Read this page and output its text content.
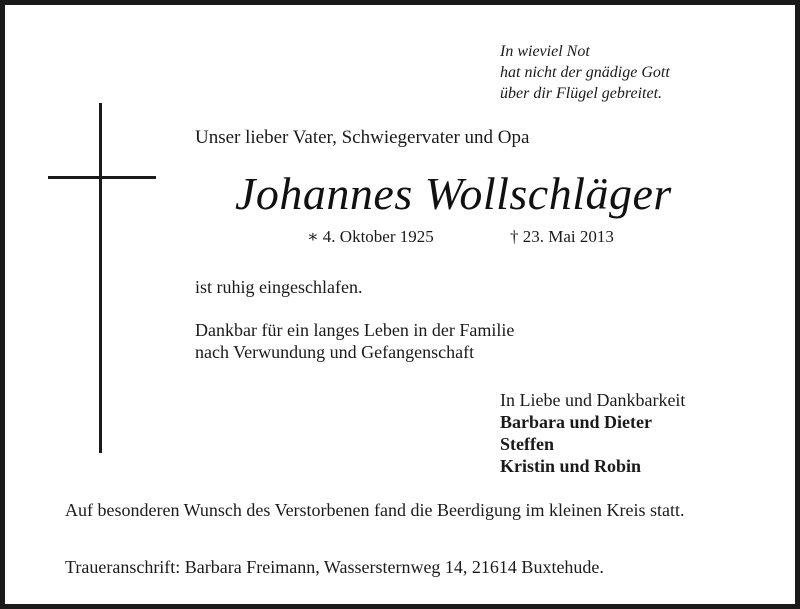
In wieviel Not
hat nicht der gnädige Gott
über dir Flügel gebreitet.
Unser lieber Vater, Schwiegervater und Opa
Johannes Wollschläger
∗ 4. Oktober 1925	† 23. Mai 2013
ist ruhig eingeschlafen.
Dankbar für ein langes Leben in der Familie
nach Verwundung und Gefangenschaft
In Liebe und Dankbarkeit
Barbara und Dieter
Steffen
Kristin und Robin
Auf besonderen Wunsch des Verstorbenen fand die Beerdigung im kleinen Kreis statt.
Traueranschrift: Barbara Freimann, Wassersternweg 14, 21614 Buxtehude.
